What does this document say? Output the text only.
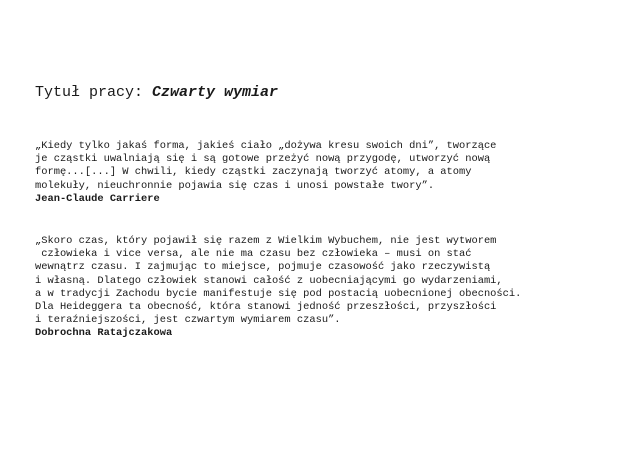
Tytuł pracy: Czwarty wymiar
„Kiedy tylko jakaś forma, jakieś ciało „dożywa kresu swoich dni”, tworzące
je cząstki uwalniają się i są gotowe przeżyć nową przygodę, utworzyć nową
formę...[...] W chwili, kiedy cząstki zaczynają tworzyć atomy, a atomy
molekuły, nieuchronnie pojawia się czas i unosi powstałe twory”.
Jean-Claude Carriere
„Skoro czas, który pojawił się razem z Wielkim Wybuchem, nie jest wytworem
człowieka i vice versa, ale nie ma czasu bez człowieka – musi on stać
wewnątrz czasu. I zajmując to miejsce, pojmuje czasowość jako rzeczywistą
i własną. Dlatego człowiek stanowi całość z uobecniającymi go wydarzeniami,
a w tradycji Zachodu bycie manifestuje się pod postacią uobecnionej obecności.
Dla Heideggera ta obecność, która stanowi jedność przeszłości, przyszłości
i teraźniejszości, jest czwartym wymiarem czasu”.
Dobrochna Ratajczakowa
